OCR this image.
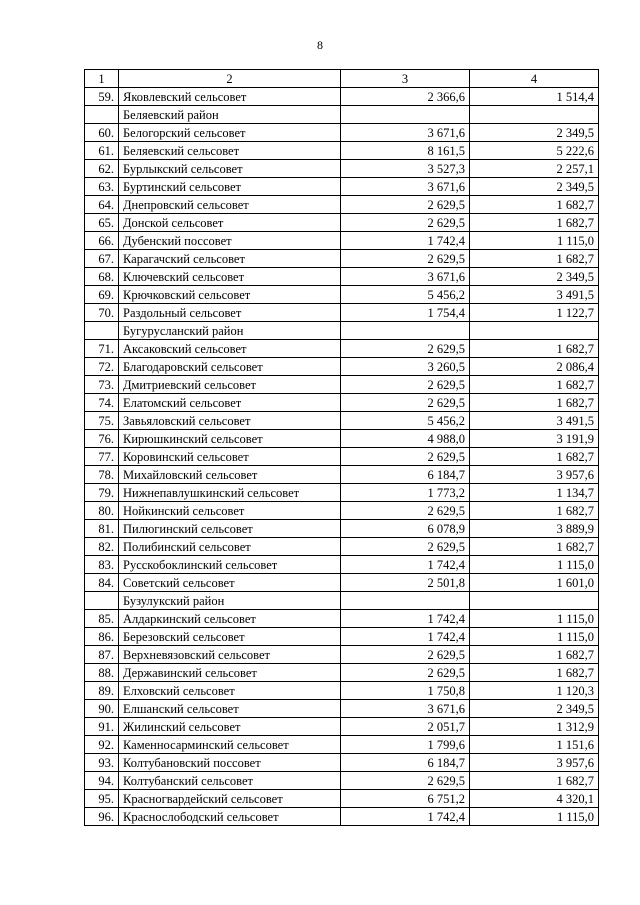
8
1	2	3	4
59.	Яковлевский сельсовет	2 366,6	1 514,4
	Беляевский район		
60.	Белогорский сельсовет	3 671,6	2 349,5
61.	Беляевский сельсовет	8 161,5	5 222,6
62.	Бурлыкский сельсовет	3 527,3	2 257,1
63.	Буртинский сельсовет	3 671,6	2 349,5
64.	Днепровский сельсовет	2 629,5	1 682,7
65.	Донской сельсовет	2 629,5	1 682,7
66.	Дубенский поссовет	1 742,4	1 115,0
67.	Карагачский сельсовет	2 629,5	1 682,7
68.	Ключевский сельсовет	3 671,6	2 349,5
69.	Крючковский сельсовет	5 456,2	3 491,5
70.	Раздольный сельсовет	1 754,4	1 122,7
	Бугурусланский район		
71.	Аксаковский сельсовет	2 629,5	1 682,7
72.	Благодаровский сельсовет	3 260,5	2 086,4
73.	Дмитриевский сельсовет	2 629,5	1 682,7
74.	Елатомский сельсовет	2 629,5	1 682,7
75.	Завьяловский сельсовет	5 456,2	3 491,5
76.	Кирюшкинский сельсовет	4 988,0	3 191,9
77.	Коровинский сельсовет	2 629,5	1 682,7
78.	Михайловский сельсовет	6 184,7	3 957,6
79.	Нижнепавлушкинский сельсовет	1 773,2	1 134,7
80.	Нойкинский сельсовет	2 629,5	1 682,7
81.	Пилюгинский сельсовет	6 078,9	3 889,9
82.	Полибинский сельсовет	2 629,5	1 682,7
83.	Русскобоклинский сельсовет	1 742,4	1 115,0
84.	Советский сельсовет	2 501,8	1 601,0
	Бузулукский район		
85.	Алдаркинский сельсовет	1 742,4	1 115,0
86.	Березовский сельсовет	1 742,4	1 115,0
87.	Верхневязовский сельсовет	2 629,5	1 682,7
88.	Державинский сельсовет	2 629,5	1 682,7
89.	Елховский сельсовет	1 750,8	1 120,3
90.	Елшанский сельсовет	3 671,6	2 349,5
91.	Жилинский сельсовет	2 051,7	1 312,9
92.	Каменносарминский сельсовет	1 799,6	1 151,6
93.	Колтубановский поссовет	6 184,7	3 957,6
94.	Колтубанский сельсовет	2 629,5	1 682,7
95.	Красногвардейский сельсовет	6 751,2	4 320,1
96.	Краснослободский сельсовет	1 742,4	1 115,0
